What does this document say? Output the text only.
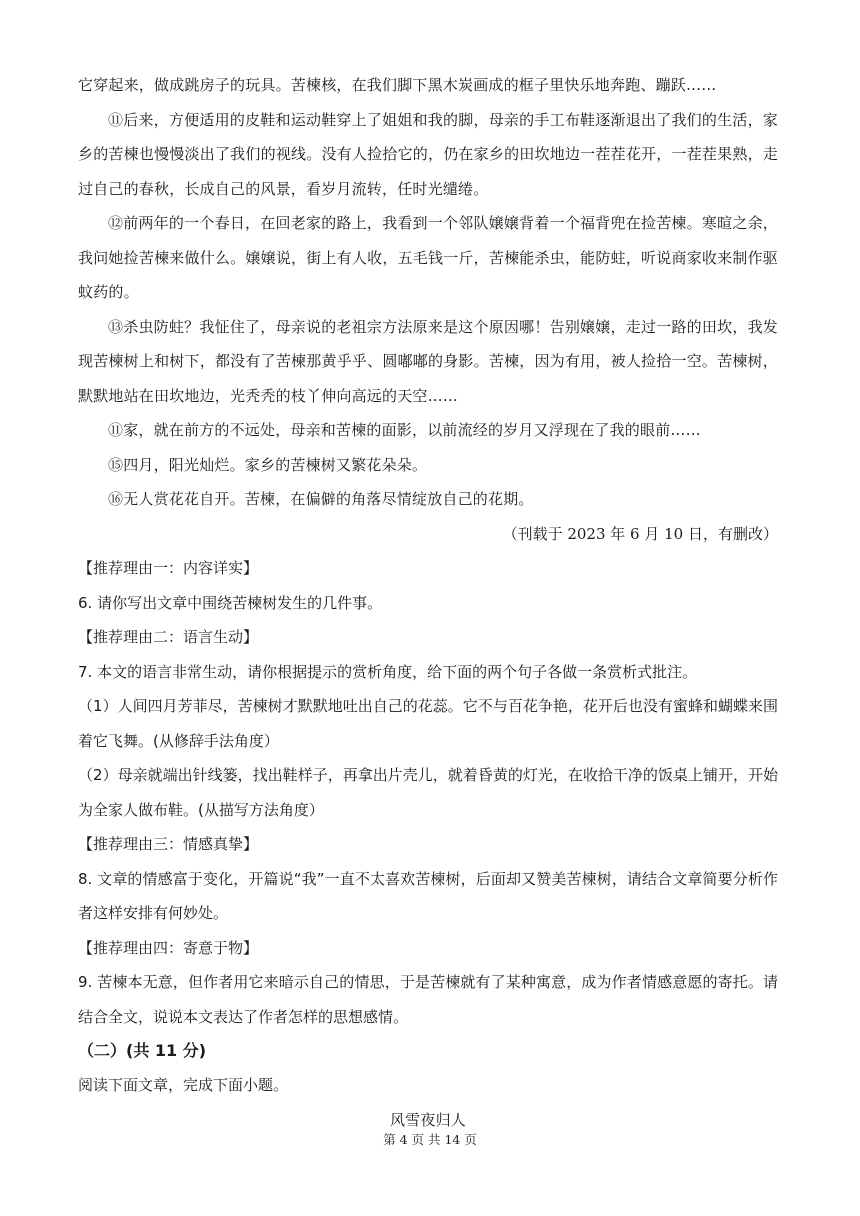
它穿起来，做成跳房子的玩具。苦楝核，在我们脚下黑木炭画成的框子里快乐地奔跑、蹦跃……

⑪后来，方便适用的皮鞋和运动鞋穿上了姐姐和我的脚，母亲的手工布鞋逐渐退出了我们的生活，家乡的苦楝也慢慢淡出了我们的视线。没有人捡拾它的，仍在家乡的田坎地边一茬茬花开，一茬茬果熟，走过自己的春秋，长成自己的风景，看岁月流转，任时光缱绻。

⑫前两年的一个春日，在回老家的路上，我看到一个邻队嬢嬢背着一个福背兜在捡苦楝。寒暄之余，我问她捡苦楝来做什么。嬢嬢说，街上有人收，五毛钱一斤，苦楝能杀虫，能防蛀，听说商家收来制作驱蚊药的。

⑬杀虫防蛀？我怔住了，母亲说的老祖宗方法原来是这个原因哪！告别嬢嬢，走过一路的田坎，我发现苦楝树上和树下，都没有了苦楝那黄乎乎、圆嘟嘟的身影。苦楝，因为有用，被人捡拾一空。苦楝树，默默地站在田坎地边，光秃秃的枝丫伸向高远的天空……

⑪家，就在前方的不远处，母亲和苦楝的面影，以前流经的岁月又浮现在了我的眼前……

⑮四月，阳光灿烂。家乡的苦楝树又繁花朵朵。

⑯无人赏花花自开。苦楝，在偏僻的角落尽情绽放自己的花期。

（刊载于 2023 年 6 月 10 日，有删改）

【推荐理由一：内容详实】

6. 请你写出文章中围绕苦楝树发生的几件事。

【推荐理由二：语言生动】

7. 本文的语言非常生动，请你根据提示的赏析角度，给下面的两个句子各做一条赏析式批注。

（1）人间四月芳菲尽，苦楝树才默默地吐出自己的花蕊。它不与百花争艳，花开后也没有蜜蜂和蝴蝶来围着它飞舞。(从修辞手法角度）

（2）母亲就端出针线篓，找出鞋样子，再拿出片壳儿，就着昏黄的灯光，在收拾干净的饭桌上铺开，开始为全家人做布鞋。(从描写方法角度）

【推荐理由三：情感真挚】

8. 文章的情感富于变化，开篇说“我”一直不太喜欢苦楝树，后面却又赞美苦楝树，请结合文章简要分析作者这样安排有何妙处。

【推荐理由四：寄意于物】

9. 苦楝本无意，但作者用它来暗示自己的情思，于是苦楝就有了某种寓意，成为作者情感意愿的寄托。请结合全文，说说本文表达了作者怎样的思想感情。

（二）(共 11 分)

阅读下面文章，完成下面小题。

风雪夜归人

第 4 页 共 14 页
